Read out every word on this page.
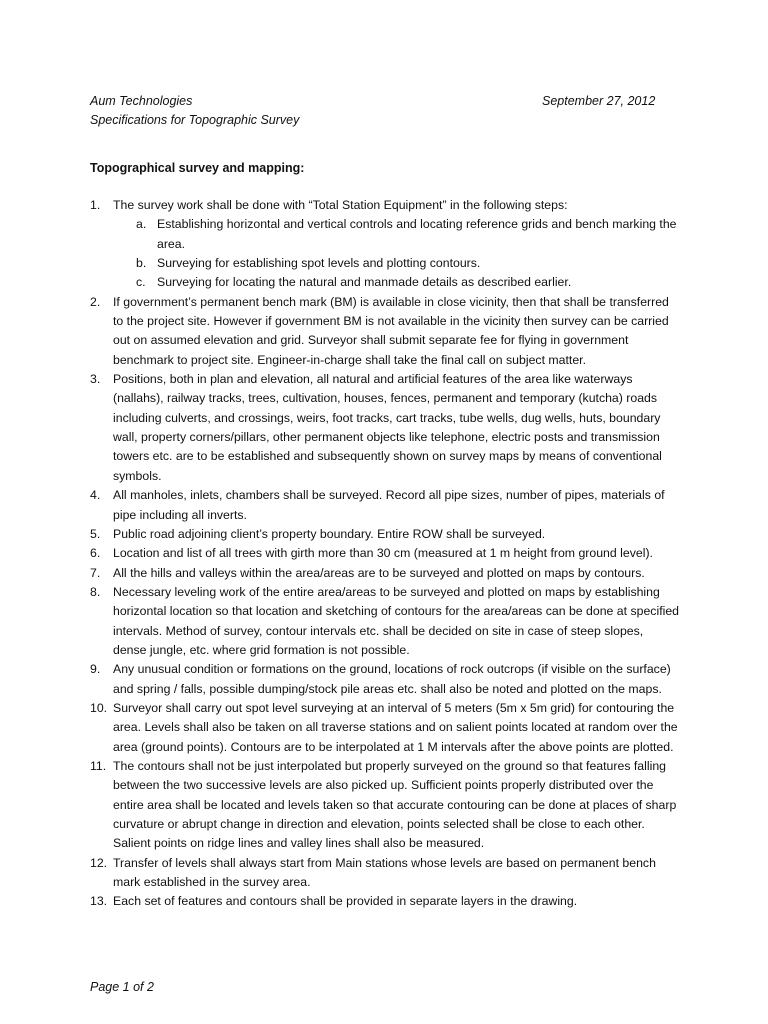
Aum Technologies
Specifications for Topographic Survey
September 27, 2012
Topographical survey and mapping:
1.	The survey work shall be done with “Total Station Equipment” in the following steps:
a. Establishing horizontal and vertical controls and locating reference grids and bench marking the area.
b. Surveying for establishing spot levels and plotting contours.
c. Surveying for locating the natural and manmade details as described earlier.
2.	If government’s permanent bench mark (BM) is available in close vicinity, then that shall be transferred to the project site. However if government BM is not available in the vicinity then survey can be carried out on assumed elevation and grid. Surveyor shall submit separate fee for flying in government benchmark to project site. Engineer-in-charge shall take the final call on subject matter.
3.	Positions, both in plan and elevation, all natural and artificial features of the area like waterways (nallahs), railway tracks, trees, cultivation, houses, fences, permanent and temporary (kutcha) roads including culverts, and crossings, weirs, foot tracks, cart tracks, tube wells, dug wells, huts, boundary wall, property corners/pillars, other permanent objects like telephone, electric posts and transmission towers etc. are to be established and subsequently shown on survey maps by means of conventional symbols.
4.	All manholes, inlets, chambers shall be surveyed. Record all pipe sizes, number of pipes, materials of pipe including all inverts.
5.	Public road adjoining client’s property boundary. Entire ROW shall be surveyed.
6.	Location and list of all trees with girth more than 30 cm (measured at 1 m height from ground level).
7.	All the hills and valleys within the area/areas are to be surveyed and plotted on maps by contours.
8.	Necessary leveling work of the entire area/areas to be surveyed and plotted on maps by establishing horizontal location so that location and sketching of contours for the area/areas can be done at specified intervals. Method of survey, contour intervals etc. shall be decided on site in case of steep slopes, dense jungle, etc. where grid formation is not possible.
9.	Any unusual condition or formations on the ground, locations of rock outcrops (if visible on the surface) and spring / falls, possible dumping/stock pile areas etc. shall also be noted and plotted on the maps.
10. Surveyor shall carry out spot level surveying at an interval of 5 meters (5m x 5m grid) for contouring the area. Levels shall also be taken on all traverse stations and on salient points located at random over the area (ground points). Contours are to be interpolated at 1 M intervals after the above points are plotted.
11. The contours shall not be just interpolated but properly surveyed on the ground so that features falling between the two successive levels are also picked up. Sufficient points properly distributed over the entire area shall be located and levels taken so that accurate contouring can be done at places of sharp curvature or abrupt change in direction and elevation, points selected shall be close to each other. Salient points on ridge lines and valley lines shall also be measured.
12. Transfer of levels shall always start from Main stations whose levels are based on permanent bench mark established in the survey area.
13. Each set of features and contours shall be provided in separate layers in the drawing.
Page 1 of 2
